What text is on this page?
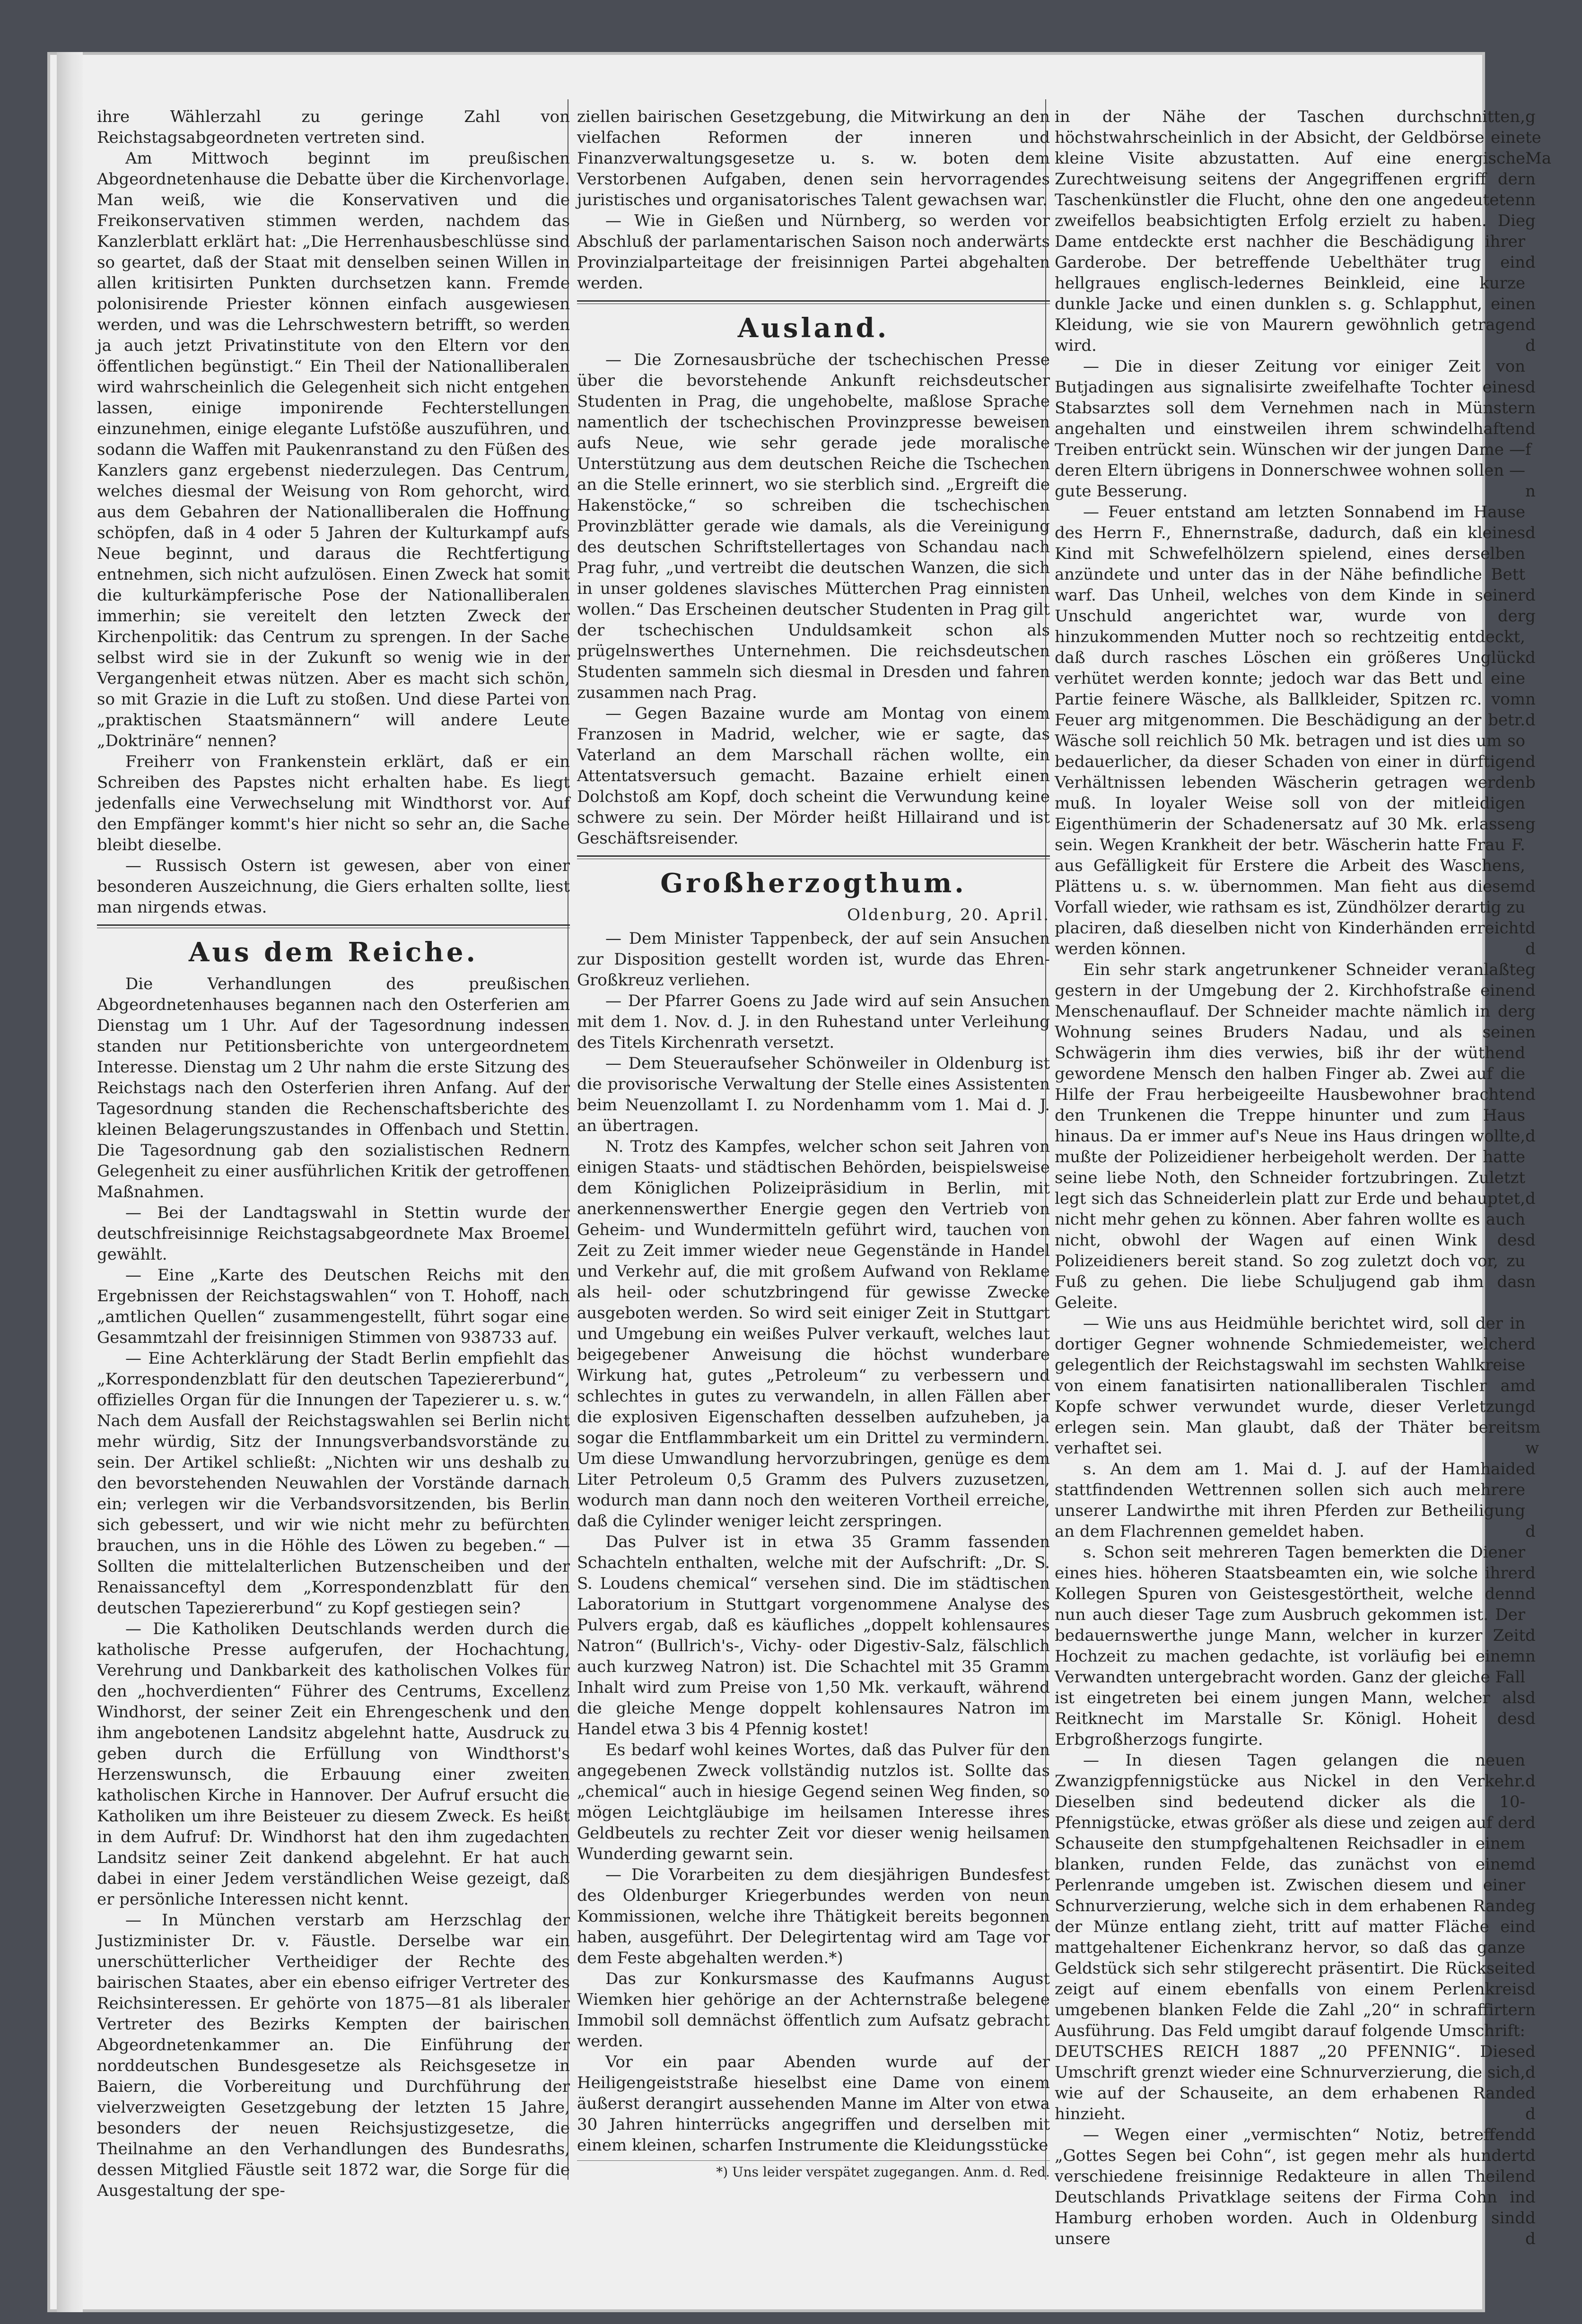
ihre Wählerzahl zu geringe Zahl von Reichstagsabgeordneten vertreten sind.

Am Mittwoch beginnt im preußischen Abgeordnetenhause die Debatte über die Kirchenvorlage. Man weiß, wie die Konservativen und die Freikonservativen stimmen werden, nachdem das Kanzlerblatt erklärt hat: „Die Herrenhausbeschlüsse sind so geartet, daß der Staat mit denselben seinen Willen in allen kritisirten Punkten durchsetzen kann. Fremde polonisirende Priester können einfach ausgewiesen werden, und was die Lehrschwestern betrifft, so werden ja auch jetzt Privatinstitute von den Eltern vor den öffentlichen begünstigt.“ Ein Theil der Nationalliberalen wird wahrscheinlich die Gelegenheit sich nicht entgehen lassen, einige imponirende Fechterstellungen einzunehmen, einige elegante Lufstöße auszuführen, und sodann die Waffen mit Paukenranstand zu den Füßen des Kanzlers ganz ergebenst niederzulegen. Das Centrum, welches diesmal der Weisung von Rom gehorcht, wird aus dem Gebahren der Nationalliberalen die Hoffnung schöpfen, daß in 4 oder 5 Jahren der Kulturkampf aufs Neue beginnt, und daraus die Rechtfertigung entnehmen, sich nicht aufzulösen. Einen Zweck hat somit die kulturkämpferische Pose der Nationalliberalen immerhin; sie vereitelt den letzten Zweck der Kirchenpolitik: das Centrum zu sprengen. In der Sache selbst wird sie in der Zukunft so wenig wie in der Vergangenheit etwas nützen. Aber es macht sich schön, so mit Grazie in die Luft zu stoßen. Und diese Partei von „praktischen Staatsmännern“ will andere Leute „Doktrinäre“ nennen?

Freiherr von Frankenstein erklärt, daß er ein Schreiben des Papstes nicht erhalten habe. Es liegt jedenfalls eine Verwechselung mit Windthorst vor. Auf den Empfänger kommt's hier nicht so sehr an, die Sache bleibt dieselbe.

— Russisch Ostern ist gewesen, aber von einer besonderen Auszeichnung, die Giers erhalten sollte, liest man nirgends etwas.

Aus dem Reiche.

Die Verhandlungen des preußischen Abgeordnetenhauses begannen nach den Osterferien am Dienstag um 1 Uhr. Auf der Tagesordnung indessen standen nur Petitionsberichte von untergeordnetem Interesse. Dienstag um 2 Uhr nahm die erste Sitzung des Reichstags nach den Osterferien ihren Anfang. Auf der Tagesordnung standen die Rechenschaftsberichte des kleinen Belagerungszustandes in Offenbach und Stettin. Die Tagesordnung gab den sozialistischen Rednern Gelegenheit zu einer ausführlichen Kritik der getroffenen Maßnahmen.

— Bei der Landtagswahl in Stettin wurde der deutschfreisinnige Reichstagsabgeordnete Max Broemel gewählt.

— Eine „Karte des Deutschen Reichs mit den Ergebnissen der Reichstagswahlen“ von T. Hohoff, nach „amtlichen Quellen“ zusammengestellt, führt sogar eine Gesammtzahl der freisinnigen Stimmen von 938733 auf.

— Eine Achterklärung der Stadt Berlin empfiehlt das „Korrespondenzblatt für den deutschen Tapeziererbund“, offizielles Organ für die Innungen der Tapezierer u. s. w.“ Nach dem Ausfall der Reichstagswahlen sei Berlin nicht mehr würdig, Sitz der Innungsverbandsvorstände zu sein. Der Artikel schließt: „Nichten wir uns deshalb zu den bevorstehenden Neuwahlen der Vorstände darnach ein; verlegen wir die Verbandsvorsitzenden, bis Berlin sich gebessert, und wir wie nicht mehr zu befürchten brauchen, uns in die Höhle des Löwen zu begeben.“ — Sollten die mittelalterlichen Butzenscheiben und der Renaissanceftyl dem „Korrespondenzblatt für den deutschen Tapeziererbund“ zu Kopf gestiegen sein?

— Die Katholiken Deutschlands werden durch die katholische Presse aufgerufen, der Hochachtung, Verehrung und Dankbarkeit des katholischen Volkes für den „hochverdienten“ Führer des Centrums, Excellenz Windhorst, der seiner Zeit ein Ehrengeschenk und den ihm angebotenen Landsitz abgelehnt hatte, Ausdruck zu geben durch die Erfüllung von Windthorst's Herzenswunsch, die Erbauung einer zweiten katholischen Kirche in Hannover. Der Aufruf ersucht die Katholiken um ihre Beisteuer zu diesem Zweck. Es heißt in dem Aufruf: Dr. Windhorst hat den ihm zugedachten Landsitz seiner Zeit dankend abgelehnt. Er hat auch dabei in einer Jedem verständlichen Weise gezeigt, daß er persönliche Interessen nicht kennt.

— In München verstarb am Herzschlag der Justizminister Dr. v. Fäustle. Derselbe war ein unerschütterlicher Vertheidiger der Rechte des bairischen Staates, aber ein ebenso eifriger Vertreter des Reichsinteressen. Er gehörte von 1875—81 als liberaler Vertreter des Bezirks Kempten der bairischen Abgeordnetenkammer an. Die Einführung der norddeutschen Bundesgesetze als Reichsgesetze in Baiern, die Vorbereitung und Durchführung der vielverzweigten Gesetzgebung der letzten 15 Jahre, besonders der neuen Reichsjustizgesetze, die Theilnahme an den Verhandlungen des Bundesraths, dessen Mitglied Fäustle seit 1872 war, die Sorge für die Ausgestaltung der spe-

ziellen bairischen Gesetzgebung, die Mitwirkung an den vielfachen Reformen der inneren und Finanzverwaltungsgesetze u. s. w. boten dem Verstorbenen Aufgaben, denen sein hervorragendes juristisches und organisatorisches Talent gewachsen war.

— Wie in Gießen und Nürnberg, so werden vor Abschluß der parlamentarischen Saison noch anderwärts Provinzialparteitage der freisinnigen Partei abgehalten werden.

Ausland.

— Die Zornesausbrüche der tschechischen Presse über die bevorstehende Ankunft reichsdeutscher Studenten in Prag, die ungehobelte, maßlose Sprache namentlich der tschechischen Provinzpresse beweisen aufs Neue, wie sehr gerade jede moralische Unterstützung aus dem deutschen Reiche die Tschechen an die Stelle erinnert, wo sie sterblich sind. „Ergreift die Hakenstöcke,“ so schreiben die tschechischen Provinzblätter gerade wie damals, als die Vereinigung des deutschen Schriftstellertages von Schandau nach Prag fuhr, „und vertreibt die deutschen Wanzen, die sich in unser goldenes slavisches Mütterchen Prag einnisten wollen.“ Das Erscheinen deutscher Studenten in Prag gilt der tschechischen Unduldsamkeit schon als prügelnswerthes Unternehmen. Die reichsdeutschen Studenten sammeln sich diesmal in Dresden und fahren zusammen nach Prag.

— Gegen Bazaine wurde am Montag von einem Franzosen in Madrid, welcher, wie er sagte, das Vaterland an dem Marschall rächen wollte, ein Attentatsversuch gemacht. Bazaine erhielt einen Dolchstoß am Kopf, doch scheint die Verwundung keine schwere zu sein. Der Mörder heißt Hillairand und ist Geschäftsreisender.

Großherzogthum.
Oldenburg, 20. April.

— Dem Minister Tappenbeck, der auf sein Ansuchen zur Disposition gestellt worden ist, wurde das Ehren-Großkreuz verliehen.

— Der Pfarrer Goens zu Jade wird auf sein Ansuchen mit dem 1. Nov. d. J. in den Ruhestand unter Verleihung des Titels Kirchenrath versetzt.

— Dem Steueraufseher Schönweiler in Oldenburg ist die provisorische Verwaltung der Stelle eines Assistenten beim Neuenzollamt I. zu Nordenhamm vom 1. Mai d. J. an übertragen.

N. Trotz des Kampfes, welcher schon seit Jahren von einigen Staats- und städtischen Behörden, beispielsweise dem Königlichen Polizeipräsidium in Berlin, mit anerkennenswerther Energie gegen den Vertrieb von Geheim- und Wundermitteln geführt wird, tauchen von Zeit zu Zeit immer wieder neue Gegenstände in Handel und Verkehr auf, die mit großem Aufwand von Reklame als heil- oder schutzbringend für gewisse Zwecke ausgeboten werden. So wird seit einiger Zeit in Stuttgart und Umgebung ein weißes Pulver verkauft, welches laut beigegebener Anweisung die höchst wunderbare Wirkung hat, gutes „Petroleum“ zu verbessern und schlechtes in gutes zu verwandeln, in allen Fällen aber die explosiven Eigenschaften desselben aufzuheben, ja sogar die Entflammbarkeit um ein Drittel zu vermindern. Um diese Umwandlung hervorzubringen, genüge es dem Liter Petroleum 0,5 Gramm des Pulvers zuzusetzen, wodurch man dann noch den weiteren Vortheil erreiche, daß die Cylinder weniger leicht zerspringen.

Das Pulver ist in etwa 35 Gramm fassenden Schachteln enthalten, welche mit der Aufschrift: „Dr. S. S. Loudens chemical“ versehen sind. Die im städtischen Laboratorium in Stuttgart vorgenommene Analyse des Pulvers ergab, daß es käufliches „doppelt kohlensaures Natron“ (Bullrich's-, Vichy- oder Digestiv-Salz, fälschlich auch kurzweg Natron) ist. Die Schachtel mit 35 Gramm Inhalt wird zum Preise von 1,50 Mk. verkauft, während die gleiche Menge doppelt kohlensaures Natron im Handel etwa 3 bis 4 Pfennig kostet!

Es bedarf wohl keines Wortes, daß das Pulver für den angegebenen Zweck vollständig nutzlos ist. Sollte das „chemical“ auch in hiesige Gegend seinen Weg finden, so mögen Leichtgläubige im heilsamen Interesse ihres Geldbeutels zu rechter Zeit vor dieser wenig heilsamen Wunderding gewarnt sein.

— Die Vorarbeiten zu dem diesjährigen Bundesfest des Oldenburger Kriegerbundes werden von neun Kommissionen, welche ihre Thätigkeit bereits begonnen haben, ausgeführt. Der Delegirtentag wird am Tage vor dem Feste abgehalten werden.*)

Das zur Konkursmasse des Kaufmanns August Wiemken hier gehörige an der Achternstraße belegene Immobil soll demnächst öffentlich zum Aufsatz gebracht werden.

Vor ein paar Abenden wurde auf der Heiligengeiststraße hieselbst eine Dame von einem äußerst derangirt aussehenden Manne im Alter von etwa 30 Jahren hinterrücks angegriffen und derselben mit einem kleinen, scharfen Instrumente die Kleidungsstücke

*) Uns leider verspätet zugegangen. Anm. d. Red.

in der Nähe der Taschen durchschnitten, höchstwahrscheinlich in der Absicht, der Geldbörse eine kleine Visite abzustatten. Auf eine energische Zurechtweisung seitens der Angegriffenen ergriff der Taschenkünstler die Flucht, ohne den one angedeuteten zweifellos beabsichtigten Erfolg erzielt zu haben. Die Dame entdeckte erst nachher die Beschädigung ihrer Garderobe. Der betreffende Uebelthäter trug ein hellgraues englisch-ledernes Beinkleid, eine kurze dunkle Jacke und einen dunklen s. g. Schlapphut, eine Kleidung, wie sie von Maurern gewöhnlich getragen wird.

— Die in dieser Zeitung vor einiger Zeit von Butjadingen aus signalisirte zweifelhafte Tochter eines Stabsarztes soll dem Vernehmen nach in Münster angehalten und einstweilen ihrem schwindelhaften Treiben entrückt sein. Wünschen wir der jungen Dame — deren Eltern übrigens in Donnerschwee wohnen sollen — gute Besserung.

— Feuer entstand am letzten Sonnabend im Hause des Herrn F., Ehnernstraße, dadurch, daß ein kleines Kind mit Schwefelhölzern spielend, eines derselben anzündete und unter das in der Nähe befindliche Bett warf. Das Unheil, welches von dem Kinde in seiner Unschuld angerichtet war, wurde von der hinzukommenden Mutter noch so rechtzeitig entdeckt, daß durch rasches Löschen ein größeres Unglück verhütet werden konnte; jedoch war das Bett und eine Partie feinere Wäsche, als Ballkleider, Spitzen rc. vom Feuer arg mitgenommen. Die Beschädigung an der betr. Wäsche soll reichlich 50 Mk. betragen und ist dies um so bedauerlicher, da dieser Schaden von einer in dürftigen Verhältnissen lebenden Wäscherin getragen werden muß. In loyaler Weise soll von der mitleidigen Eigenthümerin der Schadenersatz auf 30 Mk. erlassen sein. Wegen Krankheit der betr. Wäscherin hatte Frau F. aus Gefälligkeit für Erstere die Arbeit des Waschens, Plättens u. s. w. übernommen. Man fieht aus diesem Vorfall wieder, wie rathsam es ist, Zündhölzer derartig zu placiren, daß dieselben nicht von Kinderhänden erreicht werden können.

Ein sehr stark angetrunkener Schneider veranlaßte gestern in der Umgebung der 2. Kirchhofstraße einen Menschenauflauf. Der Schneider machte nämlich in der Wohnung seines Bruders Nadau, und als seine Schwägerin ihm dies verwies, biß ihr der wüthend gewordene Mensch den halben Finger ab. Zwei auf die Hilfe der Frau herbeigeeilte Hausbewohner brachten den Trunkenen die Treppe hinunter und zum Haus hinaus. Da er immer auf's Neue ins Haus dringen wollte, mußte der Polizeidiener herbeigeholt werden. Der hatte seine liebe Noth, den Schneider fortzubringen. Zuletzt legt sich das Schneiderlein platt zur Erde und behauptet, nicht mehr gehen zu können. Aber fahren wollte es auch nicht, obwohl der Wagen auf einen Wink des Polizeidieners bereit stand. So zog zuletzt doch vor, zu Fuß zu gehen. Die liebe Schuljugend gab ihm das Geleite.

— Wie uns aus Heidmühle berichtet wird, soll der in dortiger Gegner wohnende Schmiedemeister, welcher gelegentlich der Reichstagswahl im sechsten Wahlkreise von einem fanatisirten nationalliberalen Tischler am Kopfe schwer verwundet wurde, dieser Verletzung erlegen sein. Man glaubt, daß der Thäter bereits verhaftet sei.

s. An dem am 1. Mai d. J. auf der Hamhaide stattfindenden Wettrennen sollen sich auch mehrere unserer Landwirthe mit ihren Pferden zur Betheiligung an dem Flachrennen gemeldet haben.

s. Schon seit mehreren Tagen bemerkten die Diener eines hies. höheren Staatsbeamten ein, wie solche ihrer Kollegen Spuren von Geistesgestörtheit, welche denn nun auch dieser Tage zum Ausbruch gekommen ist. Der bedauernswerthe junge Mann, welcher in kurzer Zeit Hochzeit zu machen gedachte, ist vorläufig bei einem Verwandten untergebracht worden. Ganz der gleiche Fall ist eingetreten bei einem jungen Mann, welcher als Reitknecht im Marstalle Sr. Königl. Hoheit des Erbgroßherzogs fungirte.

— In diesen Tagen gelangen die neuen Zwanzigpfennigstücke aus Nickel in den Verkehr. Dieselben sind bedeutend dicker als die 10-Pfennigstücke, etwas größer als diese und zeigen auf der Schauseite den stumpfgehaltenen Reichsadler in einem blanken, runden Felde, das zunächst von einem Perlenrande umgeben ist. Zwischen diesem und einer Schnurverzierung, welche sich in dem erhabenen Rande der Münze entlang zieht, tritt auf matter Fläche ein mattgehaltener Eichenkranz hervor, so daß das ganze Geldstück sich sehr stilgerecht präsentirt. Die Rückseite zeigt auf einem ebenfalls von einem Perlenkreis umgebenen blanken Felde die Zahl „20“ in schraffirter Ausführung. Das Feld umgibt darauf folgende Umschrift: DEUTSCHES REICH 1887 „20 PFENNIG“. Diese Umschrift grenzt wieder eine Schnurverzierung, die sich, wie auf der Schauseite, an dem erhabenen Rande hinzieht.

— Wegen einer „vermischten“ Notiz, betreffend „Gottes Segen bei Cohn“, ist gegen mehr als hundert verschiedene freisinnige Redakteure in allen Theilen Deutschlands Privatklage seitens der Firma Cohn in Hamburg erhoben worden. Auch in Oldenburg sind unsere

g
te
Ma
n
n
g

d

n
d
d

d
n
d
f

n

d

d
g

d

n
d

d
b

g

d

d
d
g
d
g
n

d

d

d

d

n

d

d
d
m
w
d

d

d
d

d
n

d
d

d

d

d

g
d

d
d
n

d
d
d
d
d
d
d
d
d
d
